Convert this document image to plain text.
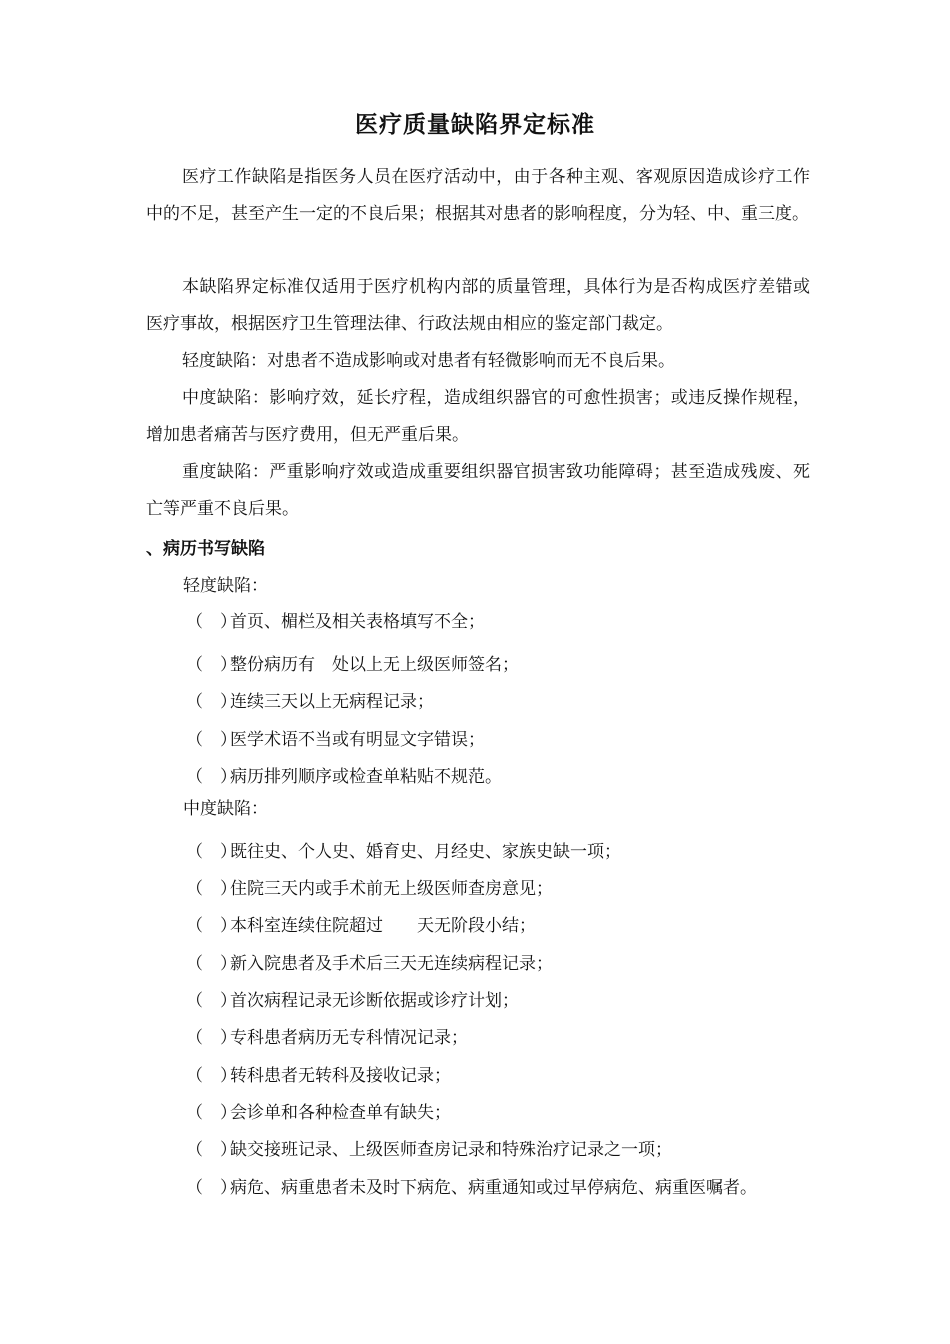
医疗质量缺陷界定标准

医疗工作缺陷是指医务人员在医疗活动中，由于各种主观、客观原因造成诊疗工作中的不足，甚至产生一定的不良后果；根据其对患者的影响程度，分为轻、中、重三度。

本缺陷界定标准仅适用于医疗机构内部的质量管理，具体行为是否构成医疗差错或医疗事故，根据医疗卫生管理法律、行政法规由相应的鉴定部门裁定。

轻度缺陷：对患者不造成影响或对患者有轻微影响而无不良后果。

中度缺陷：影响疗效，延长疗程，造成组织器官的可愈性损害；或违反操作规程，增加患者痛苦与医疗费用，但无严重后果。

重度缺陷：严重影响疗效或造成重要组织器官损害致功能障碍；甚至造成残废、死亡等严重不良后果。

、病历书写缺陷
轻度缺陷：
（　）首页、楣栏及相关表格填写不全；
（　）整份病历有　处以上无上级医师签名；
（　）连续三天以上无病程记录；
（　）医学术语不当或有明显文字错误；
（　）病历排列顺序或检查单粘贴不规范。
中度缺陷：
（　）既往史、个人史、婚育史、月经史、家族史缺一项；
（　）住院三天内或手术前无上级医师查房意见；
（　）本科室连续住院超过　　天无阶段小结；
（　）新入院患者及手术后三天无连续病程记录；
（　）首次病程记录无诊断依据或诊疗计划；
（　）专科患者病历无专科情况记录；
（　）转科患者无转科及接收记录；
（　）会诊单和各种检查单有缺失；
（　）缺交接班记录、上级医师查房记录和特殊治疗记录之一项；
（　）病危、病重患者未及时下病危、病重通知或过早停病危、病重医嘱者。
